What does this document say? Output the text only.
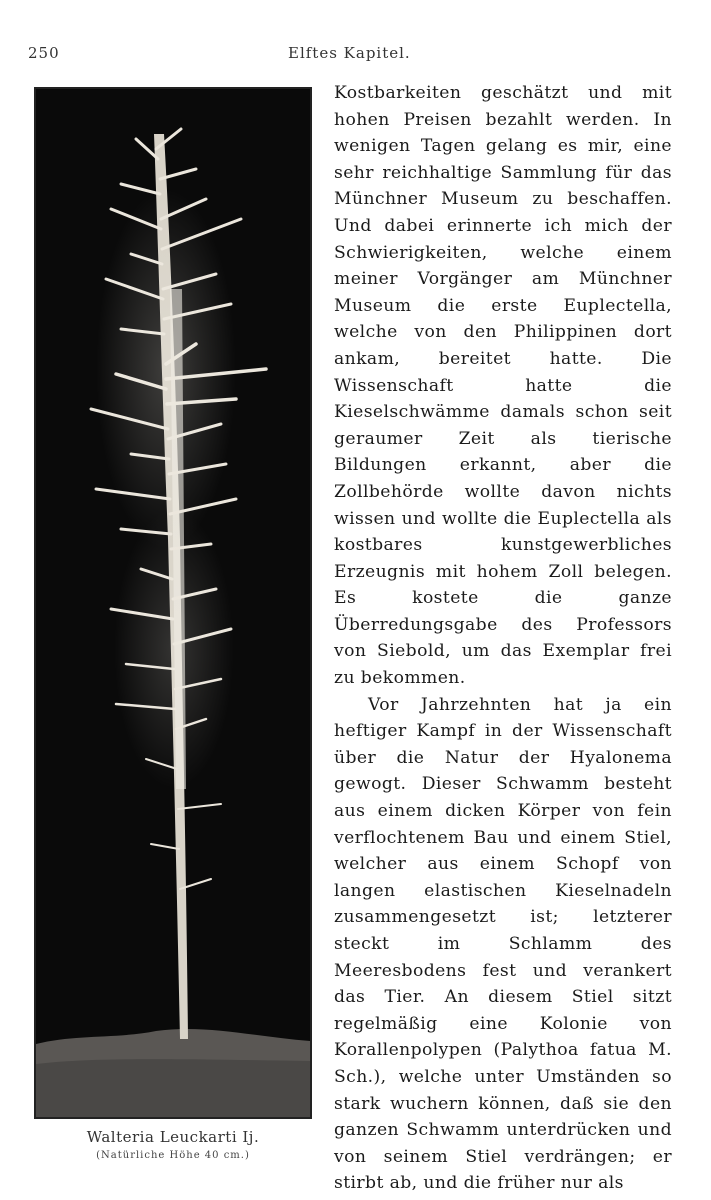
250	Elftes Kapitel.
Walteria Leuckarti Ij.
(Natürliche Höhe 40 cm.)

Kostbarkeiten geschätzt und mit hohen Preisen bezahlt werden. In wenigen Tagen gelang es mir, eine sehr reichhaltige Sammlung für das Münchner Museum zu beschaffen. Und dabei erinnerte ich mich der Schwierigkeiten, welche einem meiner Vorgänger am Münchner Museum die erste Euplectella, welche von den Philippinen dort ankam, bereitet hatte. Die Wissenschaft hatte die Kieselschwämme damals schon seit geraumer Zeit als tierische Bildungen erkannt, aber die Zollbehörde wollte davon nichts wissen und wollte die Euplectella als kostbares kunstgewerbliches Erzeugnis mit hohem Zoll belegen. Es kostete die ganze Überredungsgabe des Professors von Siebold, um das Exemplar frei zu bekommen.

Vor Jahrzehnten hat ja ein heftiger Kampf in der Wissenschaft über die Natur der Hyalonema gewogt. Dieser Schwamm besteht aus einem dicken Körper von fein verflochtenem Bau und einem Stiel, welcher aus einem Schopf von langen elastischen Kieselnadeln zusammengesetzt ist; letzterer steckt im Schlamm des Meeresbodens fest und verankert das Tier. An diesem Stiel sitzt regelmäßig eine Kolonie von Korallenpolypen (Palythoa fatua M. Sch.), welche unter Umständen so stark wuchern können, daß sie den ganzen Schwamm unterdrücken und von seinem Stiel verdrängen; er stirbt ab, und die früher nur als
